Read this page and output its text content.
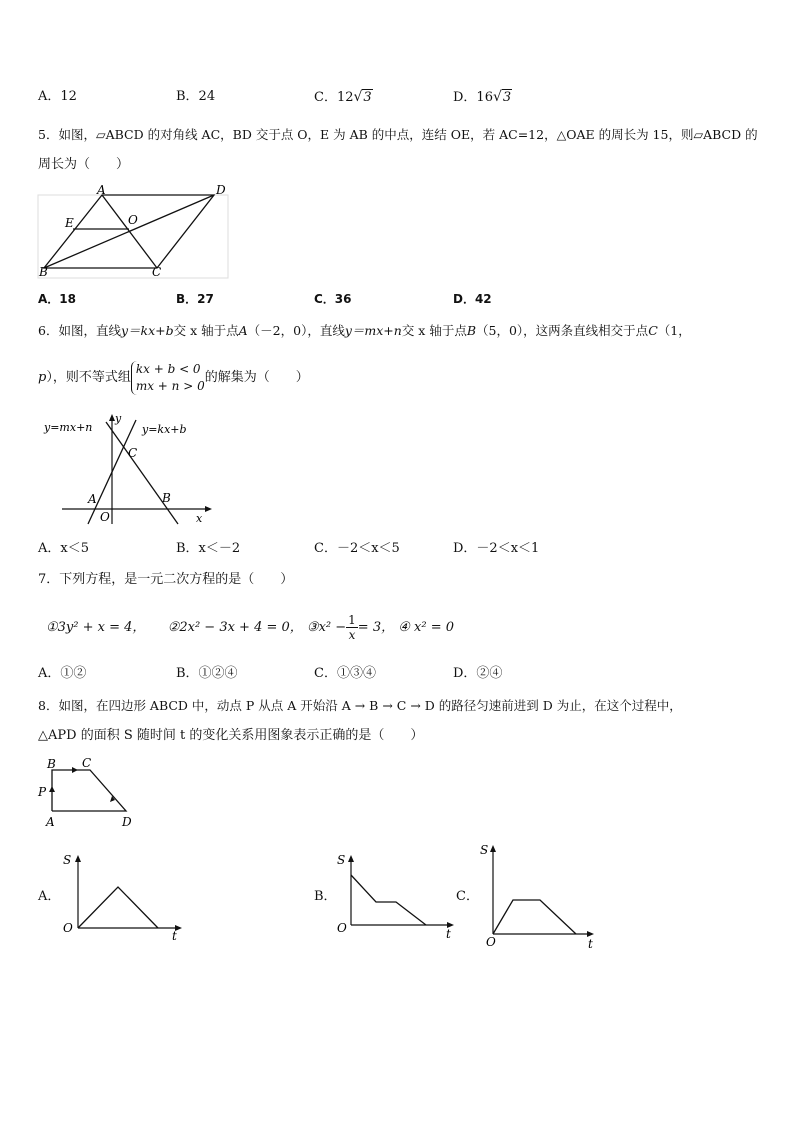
A．12	B．24	C．12√3	D．16√3
5．如图，▱ABCD 的对角线 AC，BD 交于点 O，E 为 AB 的中点，连结 OE，若 AC=12，△OAE 的周长为 15，则▱ABCD 的
周长为（　　）
A	D
E	O
B	C
A．18	B．27	C．36	D．42
6．如图，直线y＝kx+b交 x 轴于点A（－2，0），直线y＝mx+n交 x 轴于点B（5，0），这两条直线相交于点C（1，
p），则不等式组
kx + b < 0
mx + n > 0
的解集为（　　）
y=mx+n	y=kx+b
y
x
C
A
O
B
A．x＜5	B．x＜－2	C．－2＜x＜5	D．－2＜x＜1
7．下列方程，是一元二次方程的是（　　）
①3y² + x = 4， ②2x² − 3x + 4 = 0， ③x² − $\frac{1}{x} = 3$， ④ x² = 0
A．①②	B．①②④	C．①③④	D．②④
8．如图，在四边形 ABCD 中，动点 P 从点 A 开始沿 A → B → C → D 的路径匀速前进到 D 为止，在这个过程中，
△APD 的面积 S 随时间 t 的变化关系用图象表示正确的是（　　）
B C
P
A	D
A．
S
O
t
B．
S
O	t
C．
S
O	t
